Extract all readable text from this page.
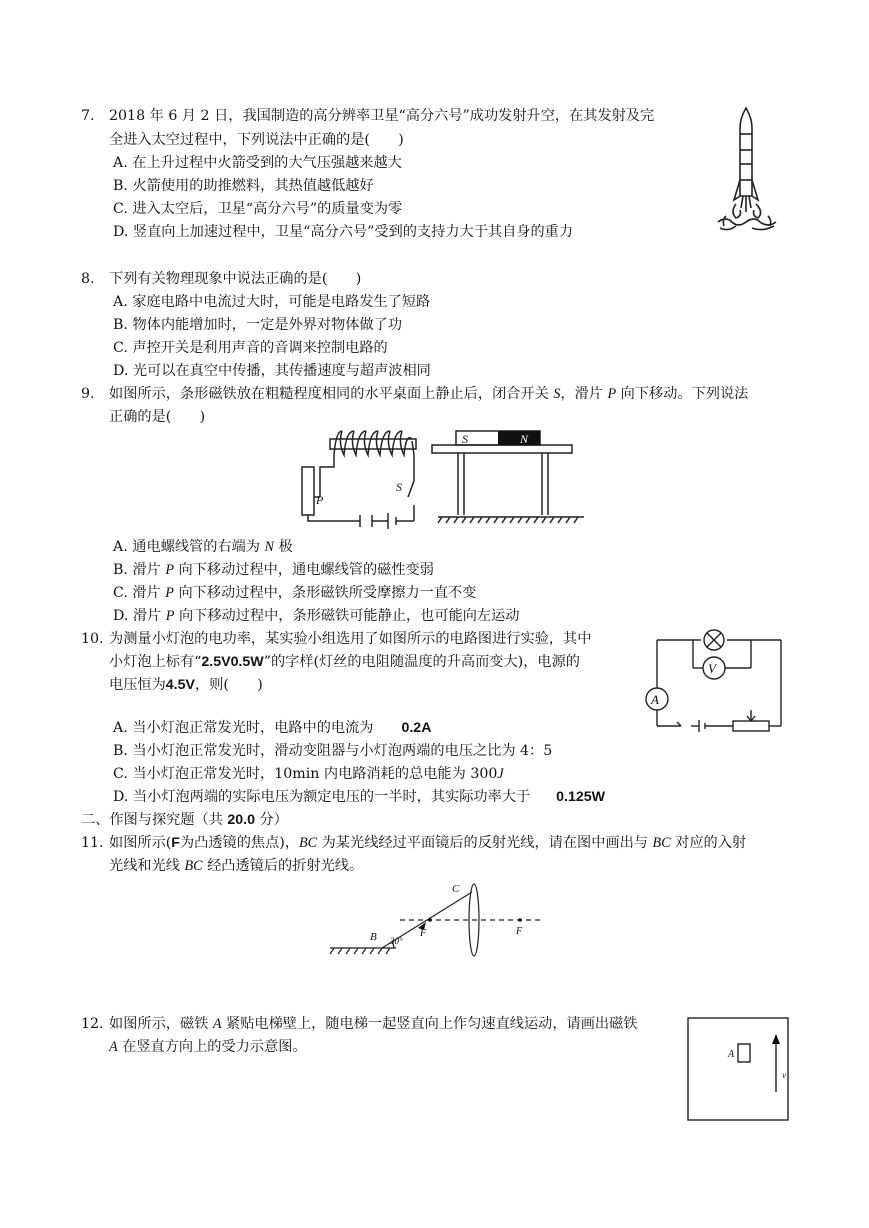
7. 2018 年 6 月 2 日，我国制造的高分辨率卫星“高分六号”成功发射升空，在其发射及完
全进入太空过程中，下列说法中正确的是(　　)
A. 在上升过程中火箭受到的大气压强越来越大
B. 火箭使用的助推燃料，其热值越低越好
C. 进入太空后，卫星“高分六号”的质量变为零
D. 竖直向上加速过程中，卫星“高分六号”受到的支持力大于其自身的重力
8. 下列有关物理现象中说法正确的是(　　)
A. 家庭电路中电流过大时，可能是电路发生了短路
B. 物体内能增加时，一定是外界对物体做了功
C. 声控开关是利用声音的音调来控制电路的
D. 光可以在真空中传播，其传播速度与超声波相同
9. 如图所示，条形磁铁放在粗糙程度相同的水平桌面上静止后，闭合开关 S，滑片 P 向下移动。下列说法
正确的是(　　)
S	N
P
S
A. 通电螺线管的右端为 N 极
B. 滑片 P 向下移动过程中，通电螺线管的磁性变弱
C. 滑片 P 向下移动过程中，条形磁铁所受摩擦力一直不变
D. 滑片 P 向下移动过程中，条形磁铁可能静止，也可能向左运动
10. 为测量小灯泡的电功率，某实验小组选用了如图所示的电路图进行实验，其中
小灯泡上标有“2.5V0.5W”的字样(灯丝的电阻随温度的升高而变大)，电源的
电压恒为4.5V，则(　　)
V
A
A. 当小灯泡正常发光时，电路中的电流为 0.2A
B. 当小灯泡正常发光时，滑动变阻器与小灯泡两端的电压之比为 4：5
C. 当小灯泡正常发光时，10min 内电路消耗的总电能为 300J
D. 当小灯泡两端的实际电压为额定电压的一半时，其实际功率大于 0.125W
二、作图与探究题（共 20.0 分）
11. 如图所示(F为凸透镜的焦点)，BC 为某光线经过平面镜后的反射光线，请在图中画出与 BC 对应的入射
光线和光线 BC 经凸透镜后的折射光线。
C
B	F	F
30°
12. 如图所示，磁铁 A 紧贴电梯壁上，随电梯一起竖直向上作匀速直线运动，请画出磁铁
A 在竖直方向上的受力示意图。	A
v
